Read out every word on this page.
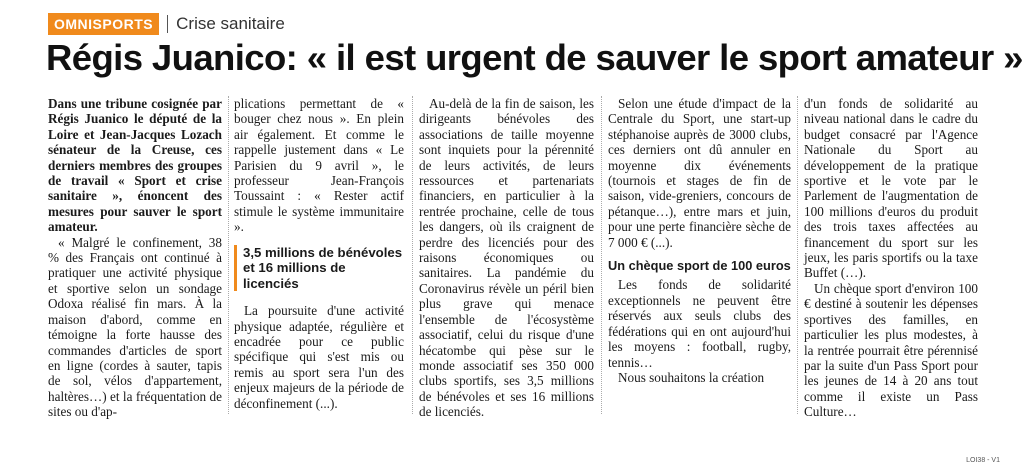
OMNISPORTS	Crise sanitaire
Régis Juanico: « il est urgent de sauver le sport amateur »

Dans une tribune cosignée par Régis Juanico le député de la Loire et Jean-Jacques Lozach sénateur de la Creuse, ces derniers membres des groupes de travail « Sport et crise sanitaire », énoncent des mesures pour sauver le sport amateur.

« Malgré le confinement, 38 % des Français ont continué à pratiquer une activité physique et sportive selon un sondage Odoxa réalisé fin mars. À la maison d'abord, comme en témoigne la forte hausse des commandes d'articles de sport en ligne (cordes à sauter, tapis de sol, vélos d'appartement, haltères…) et la fréquentation de sites ou d'ap-

plications permettant de « bouger chez nous ». En plein air également. Et comme le rappelle justement dans « Le Parisien du 9 avril », le professeur Jean-François Toussaint : « Rester actif stimule le système immunitaire ».

3,5 millions de bénévoles et 16 millions de licenciés

La poursuite d'une activité physique adaptée, régulière et encadrée pour ce public spécifique qui s'est mis ou remis au sport sera l'un des enjeux majeurs de la période de déconfinement (...).

Au-delà de la fin de saison, les dirigeants bénévoles des associations de taille moyenne sont inquiets pour la pérennité de leurs activités, de leurs ressources et partenariats financiers, en particulier à la rentrée prochaine, celle de tous les dangers, où ils craignent de perdre des licenciés pour des raisons économiques ou sanitaires. La pandémie du Coronavirus révèle un péril bien plus grave qui menace l'ensemble de l'écosystème associatif, celui du risque d'une hécatombe qui pèse sur le monde associatif ses 350 000 clubs sportifs, ses 3,5 millions de bénévoles et ses 16 millions de licenciés.

Selon une étude d'impact de la Centrale du Sport, une start-up stéphanoise auprès de 3000 clubs, ces derniers ont dû annuler en moyenne dix événements (tournois et stages de fin de saison, vide-greniers, concours de pétanque…), entre mars et juin, pour une perte financière sèche de 7 000 € (...).

Un chèque sport de 100 euros

Les fonds de solidarité exceptionnels ne peuvent être réservés aux seuls clubs des fédérations qui en ont aujourd'hui les moyens : football, rugby, tennis…

Nous souhaitons la création

d'un fonds de solidarité au niveau national dans le cadre du budget consacré par l'Agence Nationale du Sport au développement de la pratique sportive et le vote par le Parlement de l'augmentation de 100 millions d'euros du produit des trois taxes affectées au financement du sport sur les jeux, les paris sportifs ou la taxe Buffet (…).

Un chèque sport d'environ 100 € destiné à soutenir les dépenses sportives des familles, en particulier les plus modestes, à la rentrée pourrait être pérennisé par la suite d'un Pass Sport pour les jeunes de 14 à 20 ans tout comme il existe un Pass Culture…

LOI38 - V1
